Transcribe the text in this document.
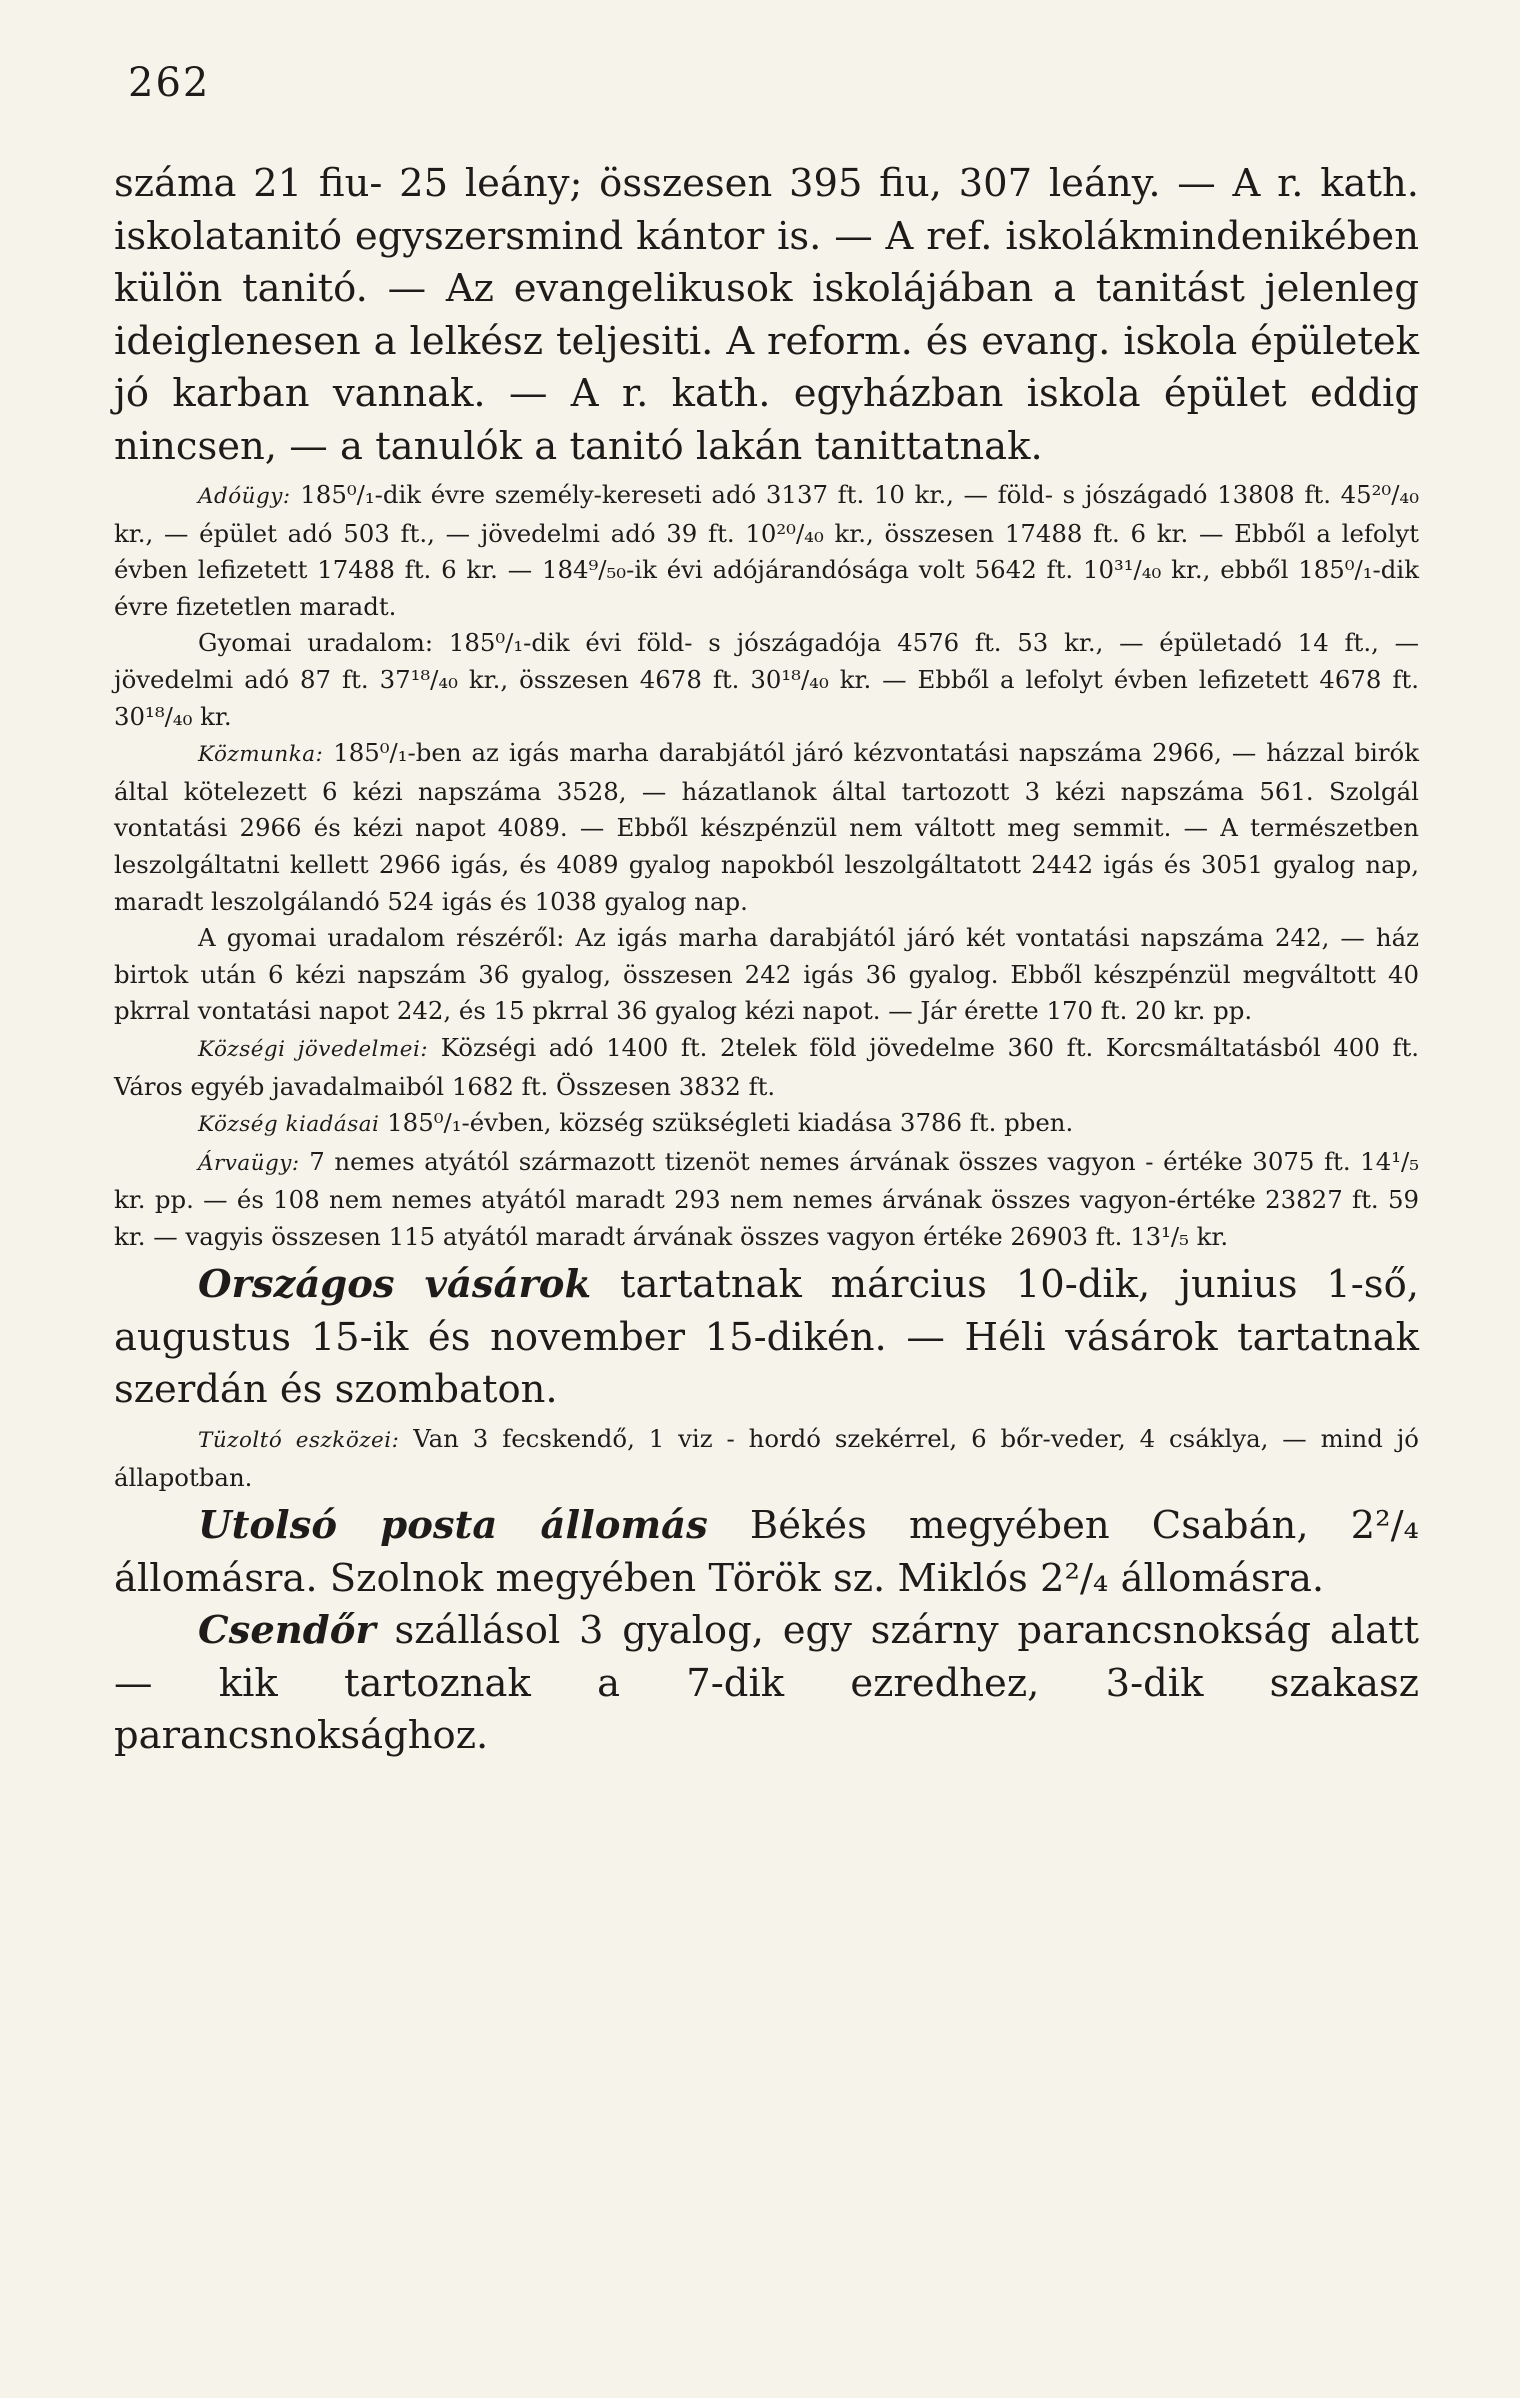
262

száma 21 fiu- 25 leány; összesen 395 fiu, 307 leány. — A r. kath. iskolatanitó egyszersmind kántor is. — A ref. iskolákmindenikében külön tanitó. — Az evangelikusok iskolájában a tanitást jelenleg ideiglenesen a lelkész teljesiti. A reform. és evang. iskola épületek jó karban vannak. — A r. kath. egyházban iskola épület eddig nincsen, — a tanulók a tanitó lakán tanittatnak.

Adóügy: 185⁰/₁-dik évre személy-kereseti adó 3137 ft. 10 kr., — föld- s jószágadó 13808 ft. 45²⁰/₄₀ kr., — épület adó 503 ft., — jövedelmi adó 39 ft. 10²⁰/₄₀ kr., összesen 17488 ft. 6 kr. — Ebből a lefolyt évben lefizetett 17488 ft. 6 kr. — 184⁹/₅₀-ik évi adójárandósága volt 5642 ft. 10³¹/₄₀ kr., ebből 185⁰/₁-dik évre fizetetlen maradt.

Gyomai uradalom: 185⁰/₁-dik évi föld- s jószágadója 4576 ft. 53 kr., — épületadó 14 ft., — jövedelmi adó 87 ft. 37¹⁸/₄₀ kr., összesen 4678 ft. 30¹⁸/₄₀ kr. — Ebből a lefolyt évben lefizetett 4678 ft. 30¹⁸/₄₀ kr.

Közmunka: 185⁰/₁-ben az igás marha darabjától járó kézvontatási napszáma 2966, — házzal birók által kötelezett 6 kézi napszáma 3528, — házatlanok által tartozott 3 kézi napszáma 561. Szolgál vontatási 2966 és kézi napot 4089. — Ebből készpénzül nem váltott meg semmit. — A természetben leszolgáltatni kellett 2966 igás, és 4089 gyalog napokból leszolgáltatott 2442 igás és 3051 gyalog nap, maradt leszolgálandó 524 igás és 1038 gyalog nap.

A gyomai uradalom részéről: Az igás marha darabjától járó két vontatási napszáma 242, — ház birtok után 6 kézi napszám 36 gyalog, összesen 242 igás 36 gyalog. Ebből készpénzül megváltott 40 pkrral vontatási napot 242, és 15 pkrral 36 gyalog kézi napot. — Jár érette 170 ft. 20 kr. pp.

Községi jövedelmei: Községi adó 1400 ft. 2telek föld jövedelme 360 ft. Korcsmáltatásból 400 ft. Város egyéb javadalmaiból 1682 ft. Összesen 3832 ft.

Község kiadásai 185⁰/₁-évben, község szükségleti kiadása 3786 ft. pben.

Árvaügy: 7 nemes atyától származott tizenöt nemes árvának összes vagyon - értéke 3075 ft. 14¹/₅ kr. pp. — és 108 nem nemes atyától maradt 293 nem nemes árvának összes vagyon-értéke 23827 ft. 59 kr. — vagyis összesen 115 atyától maradt árvának összes vagyon értéke 26903 ft. 13¹/₅ kr.

Országos vásárok tartatnak március 10-dik, junius 1-ső, augustus 15-ik és november 15-dikén. — Héli vásárok tartatnak szerdán és szombaton.

Tüzoltó eszközei: Van 3 fecskendő, 1 viz - hordó szekérrel, 6 bőr-veder, 4 csáklya, — mind jó állapotban.

Utolsó posta állomás Békés megyében Csabán, 2²/₄ állomásra. Szolnok megyében Török sz. Miklós 2²/₄ állomásra.

Csendőr szállásol 3 gyalog, egy szárny parancsnokság alatt — kik tartoznak a 7-dik ezredhez, 3-dik szakasz parancsnoksághoz.
